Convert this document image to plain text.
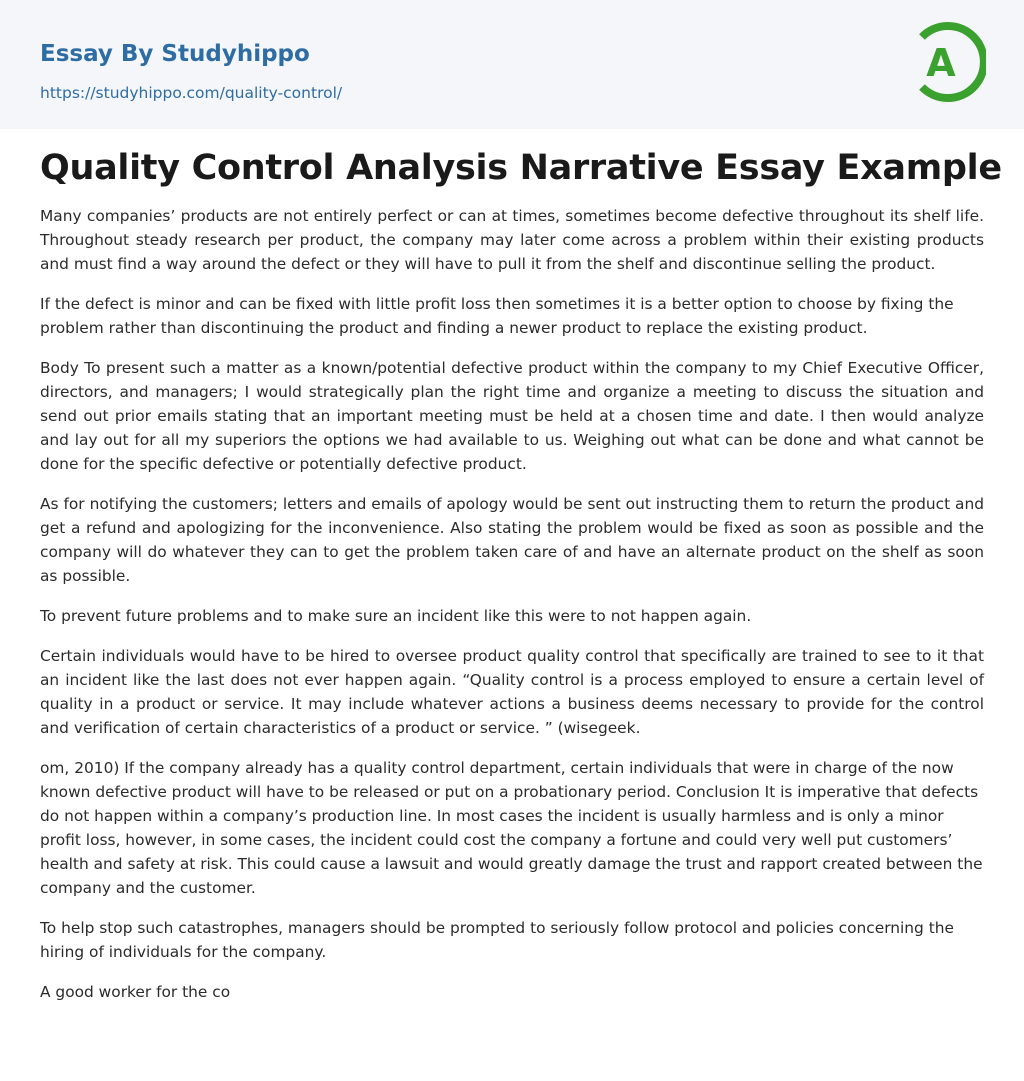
Essay By Studyhippo
https://studyhippo.com/quality-control/
A
Quality Control Analysis Narrative Essay Example

Many companies’ products are not entirely perfect or can at times, sometimes become defective throughout its shelf life. Throughout steady research per product, the company may later come across a problem within their existing products and must find a way around the defect or they will have to pull it from the shelf and discontinue selling the product.

If the defect is minor and can be fixed with little profit loss then sometimes it is a better option to choose by fixing the problem rather than discontinuing the product and finding a newer product to replace the existing product.

Body To present such a matter as a known/potential defective product within the company to my Chief Executive Officer, directors, and managers; I would strategically plan the right time and organize a meeting to discuss the situation and send out prior emails stating that an important meeting must be held at a chosen time and date. I then would analyze and lay out for all my superiors the options we had available to us. Weighing out what can be done and what cannot be done for the specific defective or potentially defective product.

As for notifying the customers; letters and emails of apology would be sent out instructing them to return the product and get a refund and apologizing for the inconvenience. Also stating the problem would be fixed as soon as possible and the company will do whatever they can to get the problem taken care of and have an alternate product on the shelf as soon as possible.

To prevent future problems and to make sure an incident like this were to not happen again.

Certain individuals would have to be hired to oversee product quality control that specifically are trained to see to it that an incident like the last does not ever happen again. “Quality control is a process employed to ensure a certain level of quality in a product or service. It may include whatever actions a business deems necessary to provide for the control and verification of certain characteristics of a product or service. ” (wisegeek.

om, 2010) If the company already has a quality control department, certain individuals that were in charge of the now known defective product will have to be released or put on a probationary period. Conclusion It is imperative that defects do not happen within a company’s production line. In most cases the incident is usually harmless and is only a minor profit loss, however, in some cases, the incident could cost the company a fortune and could very well put customers’ health and safety at risk. This could cause a lawsuit and would greatly damage the trust and rapport created between the company and the customer.

To help stop such catastrophes, managers should be prompted to seriously follow protocol and policies concerning the hiring of individuals for the company.

A good worker for the co
